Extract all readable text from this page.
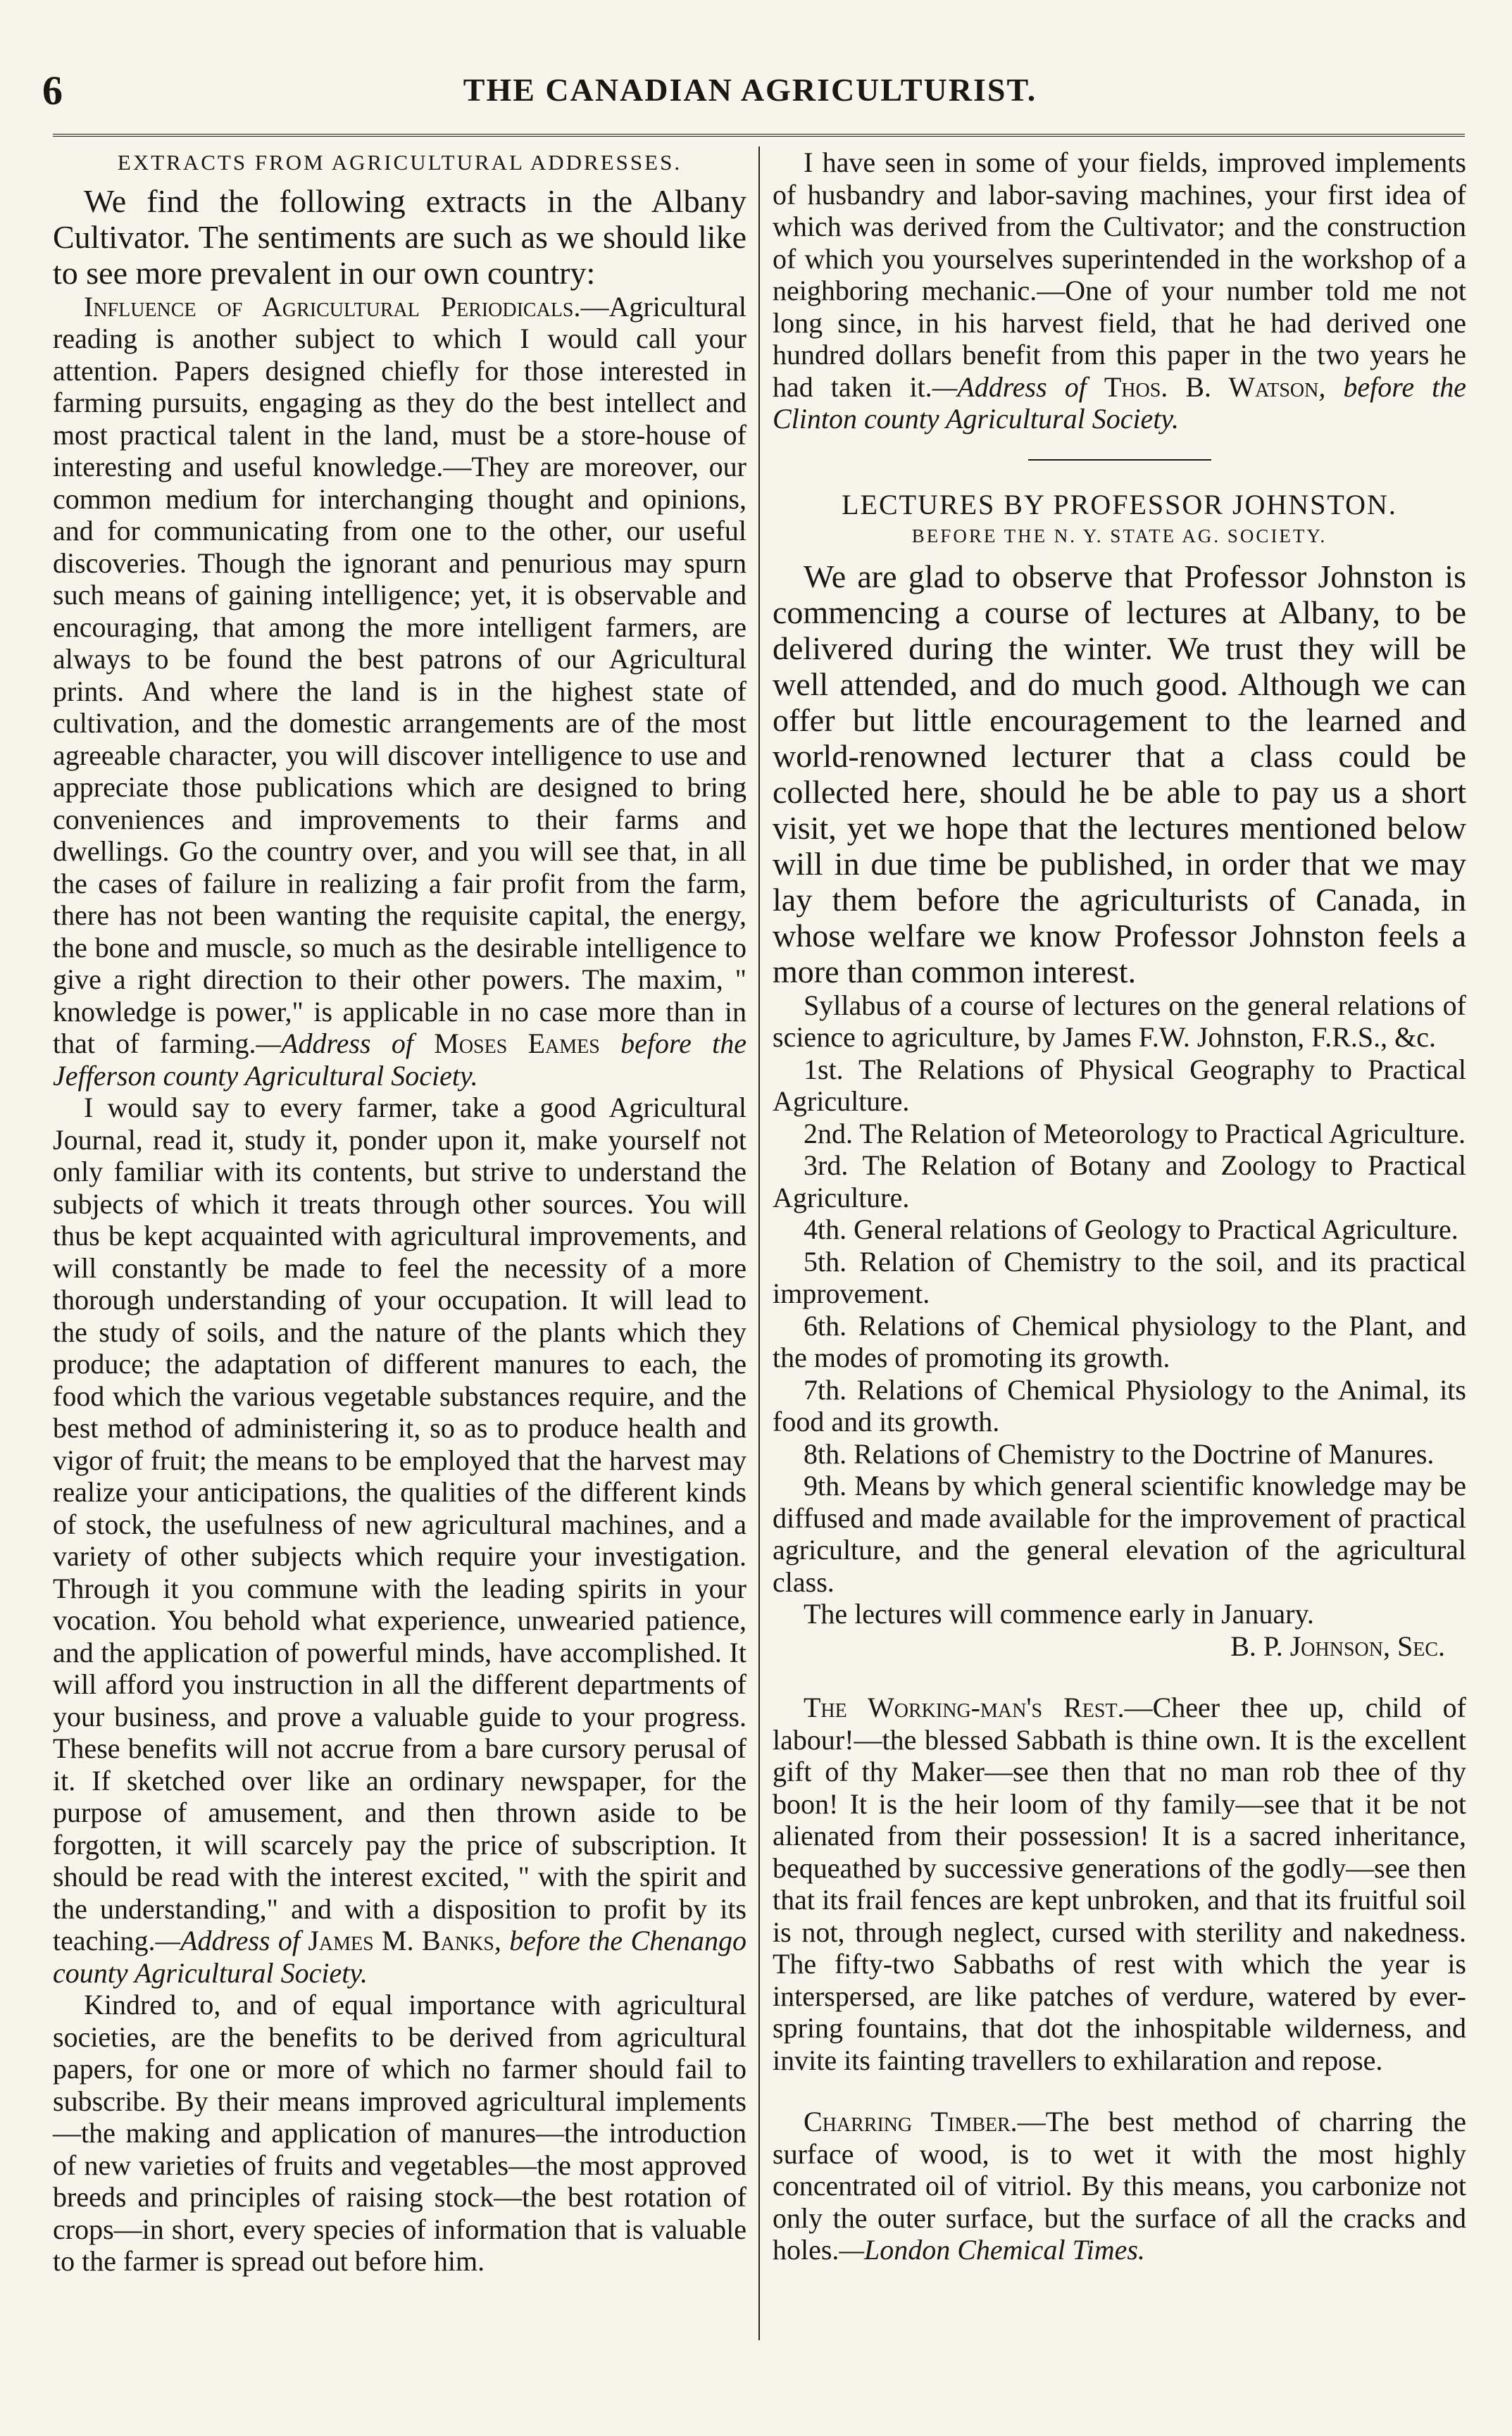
6	THE CANADIAN AGRICULTURIST.
EXTRACTS FROM AGRICULTURAL ADDRESSES.

We find the following extracts in the Albany Cultivator. The sentiments are such as we should like to see more prevalent in our own country:

Influence of Agricultural Periodicals.—Agricultural reading is another subject to which I would call your attention. Papers designed chiefly for those interested in farming pursuits, engaging as they do the best intellect and most practical talent in the land, must be a store-house of interesting and useful knowledge.—They are moreover, our common medium for interchanging thought and opinions, and for communicating from one to the other, our useful discoveries. Though the ignorant and penurious may spurn such means of gaining intelligence; yet, it is observable and encouraging, that among the more intelligent farmers, are always to be found the best patrons of our Agricultural prints. And where the land is in the highest state of cultivation, and the domestic arrangements are of the most agreeable character, you will discover intelligence to use and appreciate those publications which are designed to bring conveniences and improvements to their farms and dwellings. Go the country over, and you will see that, in all the cases of failure in realizing a fair profit from the farm, there has not been wanting the requisite capital, the energy, the bone and muscle, so much as the desirable intelligence to give a right direction to their other powers. The maxim, " knowledge is power," is applicable in no case more than in that of farming.—Address of Moses Eames before the Jefferson county Agricultural Society.

I would say to every farmer, take a good Agricultural Journal, read it, study it, ponder upon it, make yourself not only familiar with its contents, but strive to understand the subjects of which it treats through other sources. You will thus be kept acquainted with agricultural improvements, and will constantly be made to feel the necessity of a more thorough understanding of your occupation. It will lead to the study of soils, and the nature of the plants which they produce; the adaptation of different manures to each, the food which the various vegetable substances require, and the best method of administering it, so as to produce health and vigor of fruit; the means to be employed that the harvest may realize your anticipations, the qualities of the different kinds of stock, the usefulness of new agricultural machines, and a variety of other subjects which require your investigation. Through it you commune with the leading spirits in your vocation. You behold what experience, unwearied patience, and the application of powerful minds, have accomplished. It will afford you instruction in all the different departments of your business, and prove a valuable guide to your progress. These benefits will not accrue from a bare cursory perusal of it. If sketched over like an ordinary newspaper, for the purpose of amusement, and then thrown aside to be forgotten, it will scarcely pay the price of subscription. It should be read with the interest excited, " with the spirit and the understanding," and with a disposition to profit by its teaching.—Address of James M. Banks, before the Chenango county Agricultural Society.

Kindred to, and of equal importance with agricultural societies, are the benefits to be derived from agricultural papers, for one or more of which no farmer should fail to subscribe. By their means improved agricultural implements—the making and application of manures—the introduction of new varieties of fruits and vegetables—the most approved breeds and principles of raising stock—the best rotation of crops—in short, every species of information that is valuable to the farmer is spread out before him.

I have seen in some of your fields, improved implements of husbandry and labor-saving machines, your first idea of which was derived from the Cultivator; and the construction of which you yourselves superintended in the workshop of a neighboring mechanic.—One of your number told me not long since, in his harvest field, that he had derived one hundred dollars benefit from this paper in the two years he had taken it.—Address of Thos. B. Watson, before the Clinton county Agricultural Society.

LECTURES BY PROFESSOR JOHNSTON.
BEFORE THE N. Y. STATE AG. SOCIETY.

We are glad to observe that Professor Johnston is commencing a course of lectures at Albany, to be delivered during the winter. We trust they will be well attended, and do much good. Although we can offer but little encouragement to the learned and world-renowned lecturer that a class could be collected here, should he be able to pay us a short visit, yet we hope that the lectures mentioned below will in due time be published, in order that we may lay them before the agriculturists of Canada, in whose welfare we know Professor Johnston feels a more than common interest.

Syllabus of a course of lectures on the general relations of science to agriculture, by James F.W. Johnston, F.R.S., &c.

1st. The Relations of Physical Geography to Practical Agriculture.

2nd. The Relation of Meteorology to Practical Agriculture.

3rd. The Relation of Botany and Zoology to Practical Agriculture.

4th. General relations of Geology to Practical Agriculture.

5th. Relation of Chemistry to the soil, and its practical improvement.

6th. Relations of Chemical physiology to the Plant, and the modes of promoting its growth.

7th. Relations of Chemical Physiology to the Animal, its food and its growth.

8th. Relations of Chemistry to the Doctrine of Manures.

9th. Means by which general scientific knowledge may be diffused and made available for the improvement of practical agriculture, and the general elevation of the agricultural class.

The lectures will commence early in January.

B. P. Johnson, Sec.

The Working-man's Rest.—Cheer thee up, child of labour!—the blessed Sabbath is thine own. It is the excellent gift of thy Maker—see then that no man rob thee of thy boon! It is the heir loom of thy family—see that it be not alienated from their possession! It is a sacred inheritance, bequeathed by successive generations of the godly—see then that its frail fences are kept unbroken, and that its fruitful soil is not, through neglect, cursed with sterility and nakedness. The fifty-two Sabbaths of rest with which the year is interspersed, are like patches of verdure, watered by ever-spring fountains, that dot the inhospitable wilderness, and invite its fainting travellers to exhilaration and repose.

Charring Timber.—The best method of charring the surface of wood, is to wet it with the most highly concentrated oil of vitriol. By this means, you carbonize not only the outer surface, but the surface of all the cracks and holes.—London Chemical Times.
